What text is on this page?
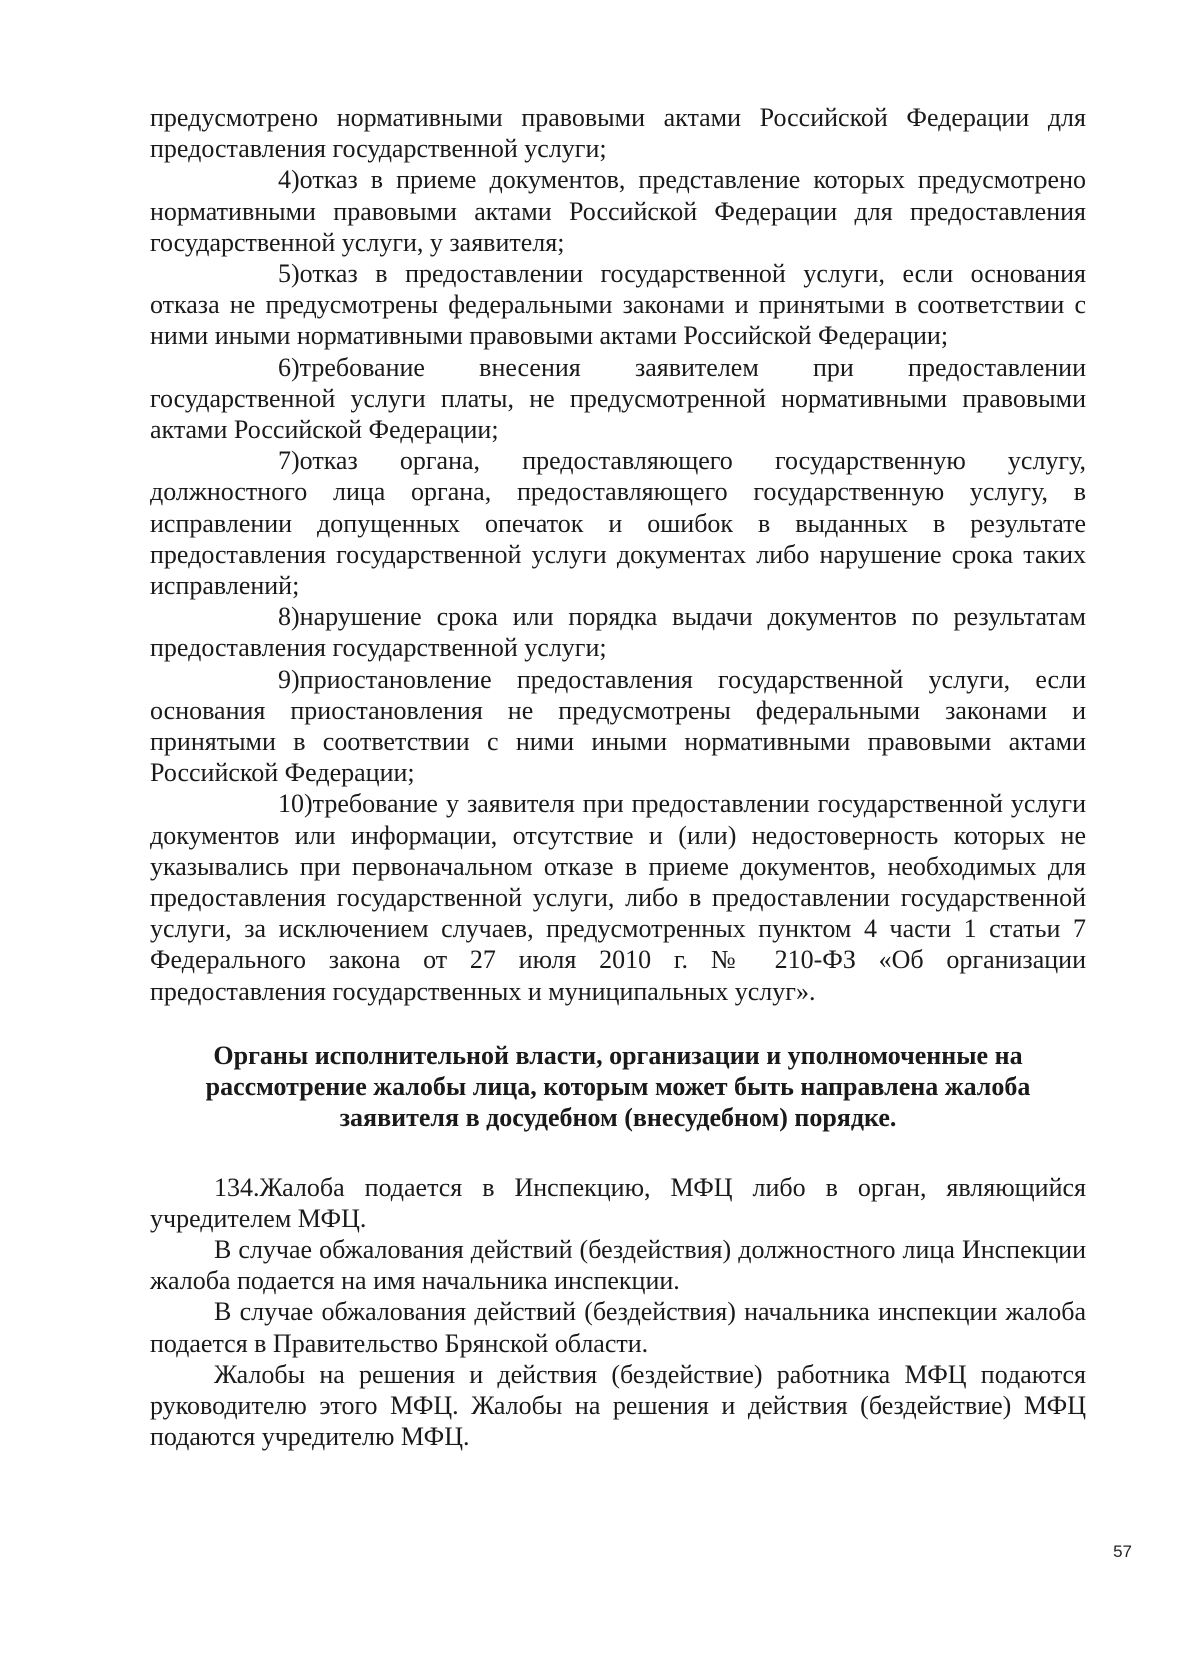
предусмотрено нормативными правовыми актами Российской Федерации для предоставления государственной услуги;

4)отказ в приеме документов, представление которых предусмотрено нормативными правовыми актами Российской Федерации для предоставления государственной услуги, у заявителя;

5)отказ в предоставлении государственной услуги, если основания отказа не предусмотрены федеральными законами и принятыми в соответствии с ними иными нормативными правовыми актами Российской Федерации;

6)требование внесения заявителем при предоставлении государственной услуги платы, не предусмотренной нормативными правовыми актами Российской Федерации;

7)отказ органа, предоставляющего государственную услугу, должностного лица органа, предоставляющего государственную услугу, в исправлении допущенных опечаток и ошибок в выданных в результате предоставления государственной услуги документах либо нарушение срока таких исправлений;

8)нарушение срока или порядка выдачи документов по результатам предоставления государственной услуги;

9)приостановление предоставления государственной услуги, если основания приостановления не предусмотрены федеральными законами и принятыми в соответствии с ними иными нормативными правовыми актами Российской Федерации;

10)требование у заявителя при предоставлении государственной услуги документов или информации, отсутствие и (или) недостоверность которых не указывались при первоначальном отказе в приеме документов, необходимых для предоставления государственной услуги, либо в предоставлении государственной услуги, за исключением случаев, предусмотренных пунктом 4 части 1 статьи 7 Федерального закона от 27 июля 2010 г. № 210-ФЗ «Об организации предоставления государственных и муниципальных услуг».

Органы исполнительной власти, организации и уполномоченные на рассмотрение жалобы лица, которым может быть направлена жалоба заявителя в досудебном (внесудебном) порядке.

134.Жалоба подается в Инспекцию, МФЦ либо в орган, являющийся учредителем МФЦ.

В случае обжалования действий (бездействия) должностного лица Инспекции жалоба подается на имя начальника инспекции.

В случае обжалования действий (бездействия) начальника инспекции жалоба подается в Правительство Брянской области.

Жалобы на решения и действия (бездействие) работника МФЦ подаются руководителю этого МФЦ. Жалобы на решения и действия (бездействие) МФЦ подаются учредителю МФЦ.

57
